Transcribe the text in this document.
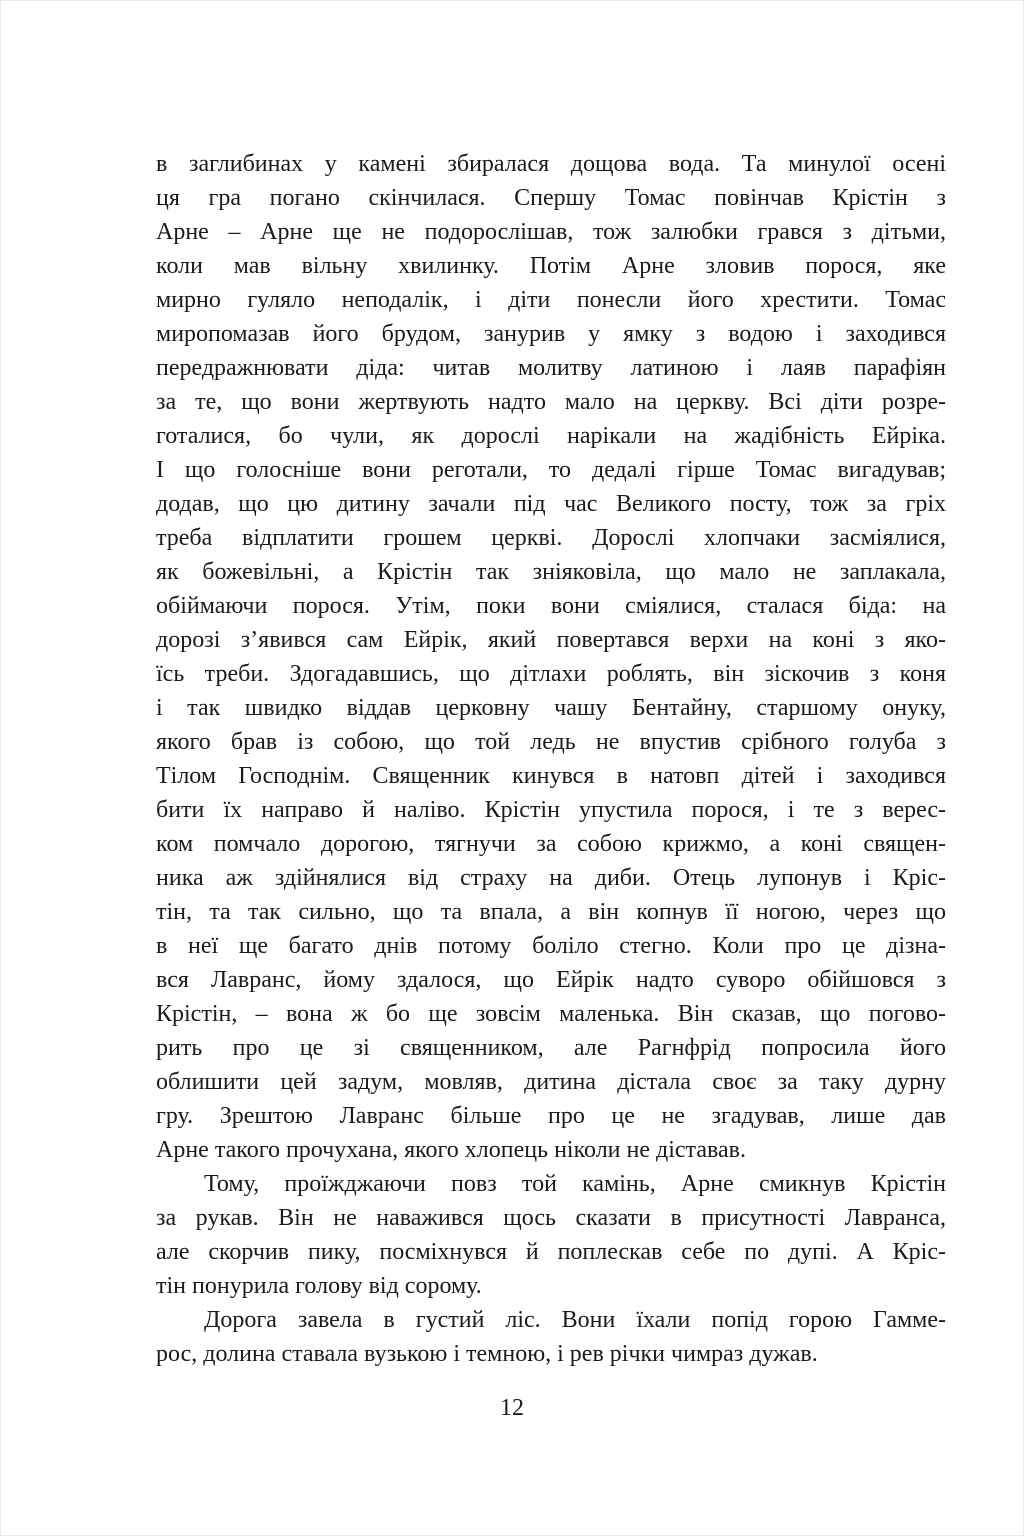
в заглибинах у камені збиралася дощова вода. Та минулої осені
ця гра погано скінчилася. Спершу Томас повінчав Крістін з
Арне – Арне ще не подорослішав, тож залюбки грався з дітьми,
коли мав вільну хвилинку. Потім Арне зловив порося, яке
мирно гуляло неподалік, і діти понесли його хрестити. Томас
миропомазав його брудом, занурив у ямку з водою і заходився
передражнювати діда: читав молитву латиною і лаяв парафіян
за те, що вони жертвують надто мало на церкву. Всі діти розре-
готалися, бо чули, як дорослі нарікали на жадібність Ейріка.
І що голосніше вони реготали, то дедалі гірше Томас вигадував;
додав, що цю дитину зачали під час Великого посту, тож за гріх
треба відплатити грошем церкві. Дорослі хлопчаки засміялися,
як божевільні, а Крістін так зніяковіла, що мало не заплакала,
обіймаючи порося. Утім, поки вони сміялися, сталася біда: на
дорозі з’явився сам Ейрік, який повертався верхи на коні з яко-
їсь треби. Здогадавшись, що дітлахи роблять, він зіскочив з коня
і так швидко віддав церковну чашу Бентайну, старшому онуку,
якого брав із собою, що той ледь не впустив срібного голуба з
Тілом Господнім. Священник кинувся в натовп дітей і заходився
бити їх направо й наліво. Крістін упустила порося, і те з верес-
ком помчало дорогою, тягнучи за собою крижмо, а коні священ-
ника аж здійнялися від страху на диби. Отець лупонув і Кріс-
тін, та так сильно, що та впала, а він копнув її ногою, через що
в неї ще багато днів потому боліло стегно. Коли про це дізна-
вся Лавранс, йому здалося, що Ейрік надто суворо обійшовся з
Крістін, – вона ж бо ще зовсім маленька. Він сказав, що погово-
рить про це зі священником, але Рагнфрід попросила його
облишити цей задум, мовляв, дитина дістала своє за таку дурну
гру. Зрештою Лавранс більше про це не згадував, лише дав
Арне такого прочухана, якого хлопець ніколи не діставав.
Тому, проїжджаючи повз той камінь, Арне смикнув Крістін
за рукав. Він не наважився щось сказати в присутності Лавранса,
але скорчив пику, посміхнувся й поплескав себе по дупі. А Кріс-
тін понурила голову від сорому.
Дорога завела в густий ліс. Вони їхали попід горою Гамме-
рос, долина ставала вузькою і темною, і рев річки чимраз дужав.
12
